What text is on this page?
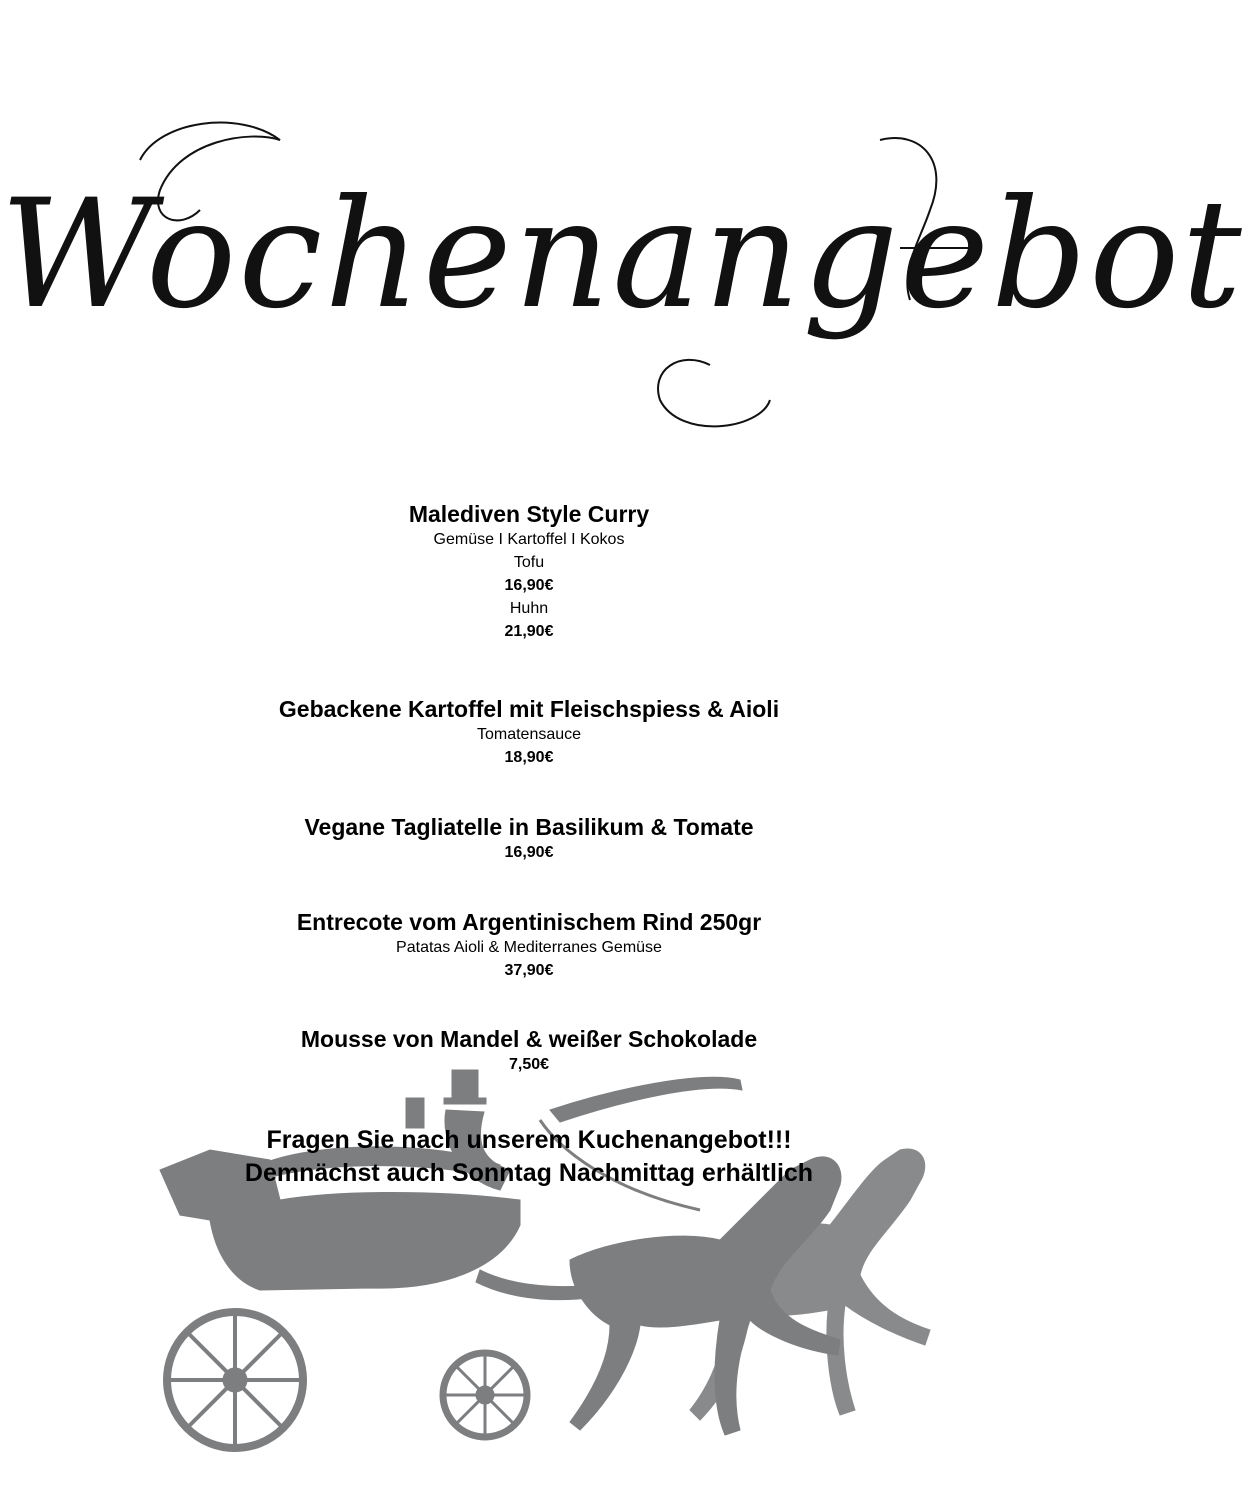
Wochenangebot
Malediven Style Curry
Gemüse I Kartoffel I Kokos
Tofu
16,90€
Huhn
21,90€
Gebackene Kartoffel mit Fleischspiess & Aioli
Tomatensauce
18,90€
Vegane Tagliatelle in Basilikum & Tomate
16,90€
Entrecote vom Argentinischem Rind 250gr
Patatas Aioli & Mediterranes Gemüse
37,90€
Mousse von Mandel & weißer Schokolade
7,50€
Fragen Sie nach unserem Kuchenangebot!!!
Demnächst auch Sonntag Nachmittag erhältlich
